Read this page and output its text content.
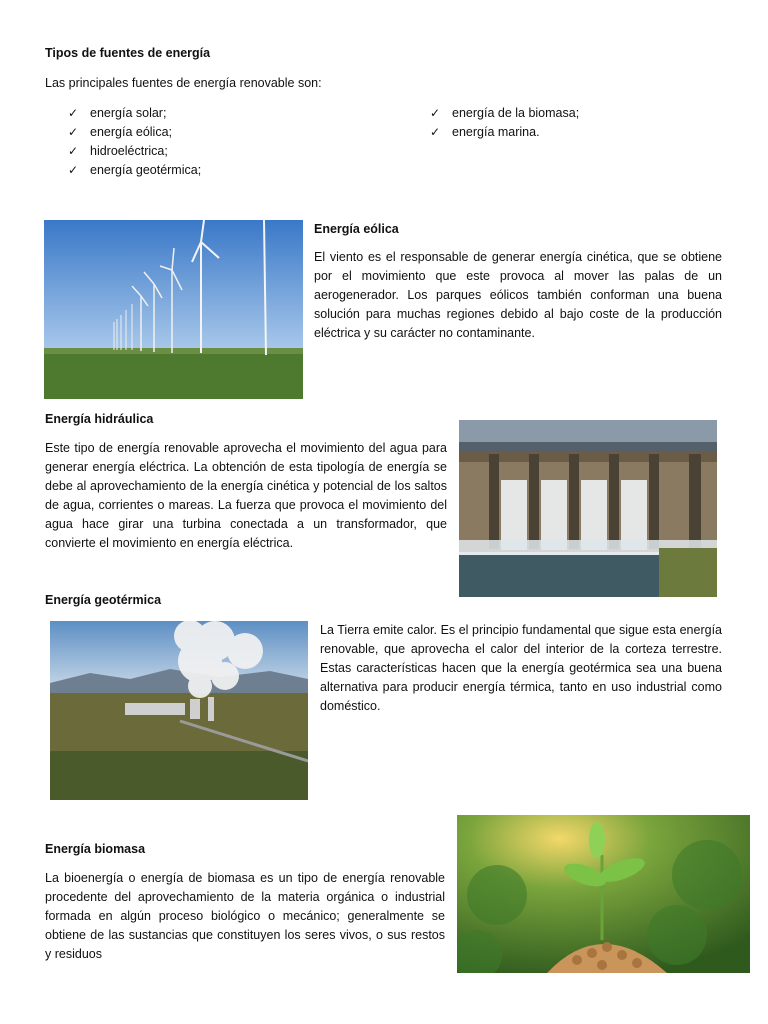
Tipos de fuentes de energía
Las principales fuentes de energía renovable son:
✓ energía solar;
✓ energía eólica;
✓ hidroeléctrica;
✓ energía geotérmica;
✓ energía de la biomasa;
✓ energía marina.
Energía eólica
El viento es el responsable de generar energía cinética, que se obtiene por el movimiento que este provoca al mover las palas de un aerogenerador. Los parques eólicos también conforman una buena solución para muchas regiones debido al bajo coste de la producción eléctrica y su carácter no contaminante.
Energía hidráulica
Este tipo de energía renovable aprovecha el movimiento del agua para generar energía eléctrica. La obtención de esta tipología de energía se debe al aprovechamiento de la energía cinética y potencial de los saltos de agua, corrientes o mareas. La fuerza que provoca el movimiento del agua hace girar una turbina conectada a un transformador, que convierte el movimiento en energía eléctrica.
Energía geotérmica
La Tierra emite calor. Es el principio fundamental que sigue esta energía renovable, que aprovecha el calor del interior de la corteza terrestre. Estas características hacen que la energía geotérmica sea una buena alternativa para producir energía térmica, tanto en uso industrial como doméstico.
Energía biomasa
La bioenergía o energía de biomasa es un tipo de energía renovable procedente del aprovechamiento de la materia orgánica o industrial formada en algún proceso biológico o mecánico; generalmente se obtiene de las sustancias que constituyen los seres vivos, o sus restos y residuos
